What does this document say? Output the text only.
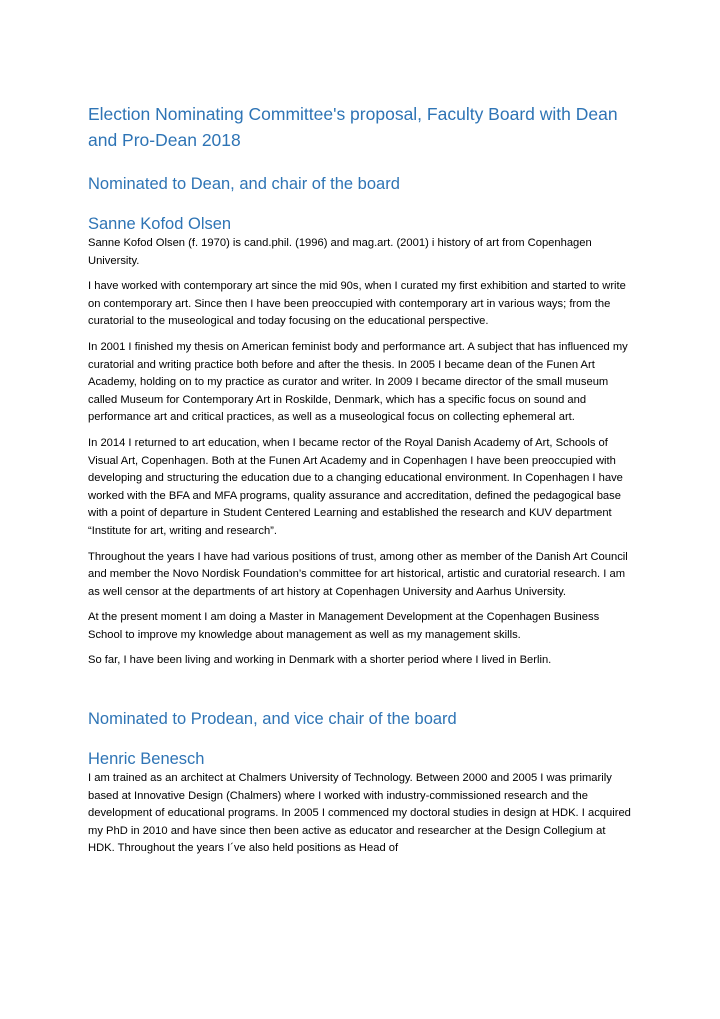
Election Nominating Committee's proposal, Faculty Board with Dean and Pro-Dean 2018
Nominated to Dean, and chair of the board
Sanne Kofod Olsen

Sanne Kofod Olsen (f. 1970) is cand.phil. (1996) and mag.art. (2001) i history of art from Copenhagen University.

I have worked with contemporary art since the mid 90s, when I curated my first exhibition and started to write on contemporary art. Since then I have been preoccupied with contemporary art in various ways; from the curatorial to the museological and today focusing on the educational perspective.

In 2001 I finished my thesis on American feminist body and performance art. A subject that has influenced my curatorial and writing practice both before and after the thesis. In 2005 I became dean of the Funen Art Academy, holding on to my practice as curator and writer. In 2009 I became director of the small museum called Museum for Contemporary Art in Roskilde, Denmark, which has a specific focus on sound and performance art and critical practices, as well as a museological focus on collecting ephemeral art.

In 2014 I returned to art education, when I became rector of the Royal Danish Academy of Art, Schools of Visual Art, Copenhagen. Both at the Funen Art Academy and in Copenhagen I have been preoccupied with developing and structuring the education due to a changing educational environment. In Copenhagen I have worked with the BFA and MFA programs, quality assurance and accreditation, defined the pedagogical base with a point of departure in Student Centered Learning and established the research and KUV department “Institute for art, writing and research”.

Throughout the years I have had various positions of trust, among other as member of the Danish Art Council and member the Novo Nordisk Foundation’s committee for art historical, artistic and curatorial research. I am as well censor at the departments of art history at Copenhagen University and Aarhus University.

At the present moment I am doing a Master in Management Development at the Copenhagen Business School to improve my knowledge about management as well as my management skills.

So far, I have been living and working in Denmark with a shorter period where I lived in Berlin.

Nominated to Prodean, and vice chair of the board
Henric Benesch

I am trained as an architect at Chalmers University of Technology. Between 2000 and 2005 I was primarily based at Innovative Design (Chalmers) where I worked with industry-commissioned research and the development of educational programs. In 2005 I commenced my doctoral studies in design at HDK. I acquired my PhD in 2010 and have since then been active as educator and researcher at the Design Collegium at HDK. Throughout the years I´ve also held positions as Head of
